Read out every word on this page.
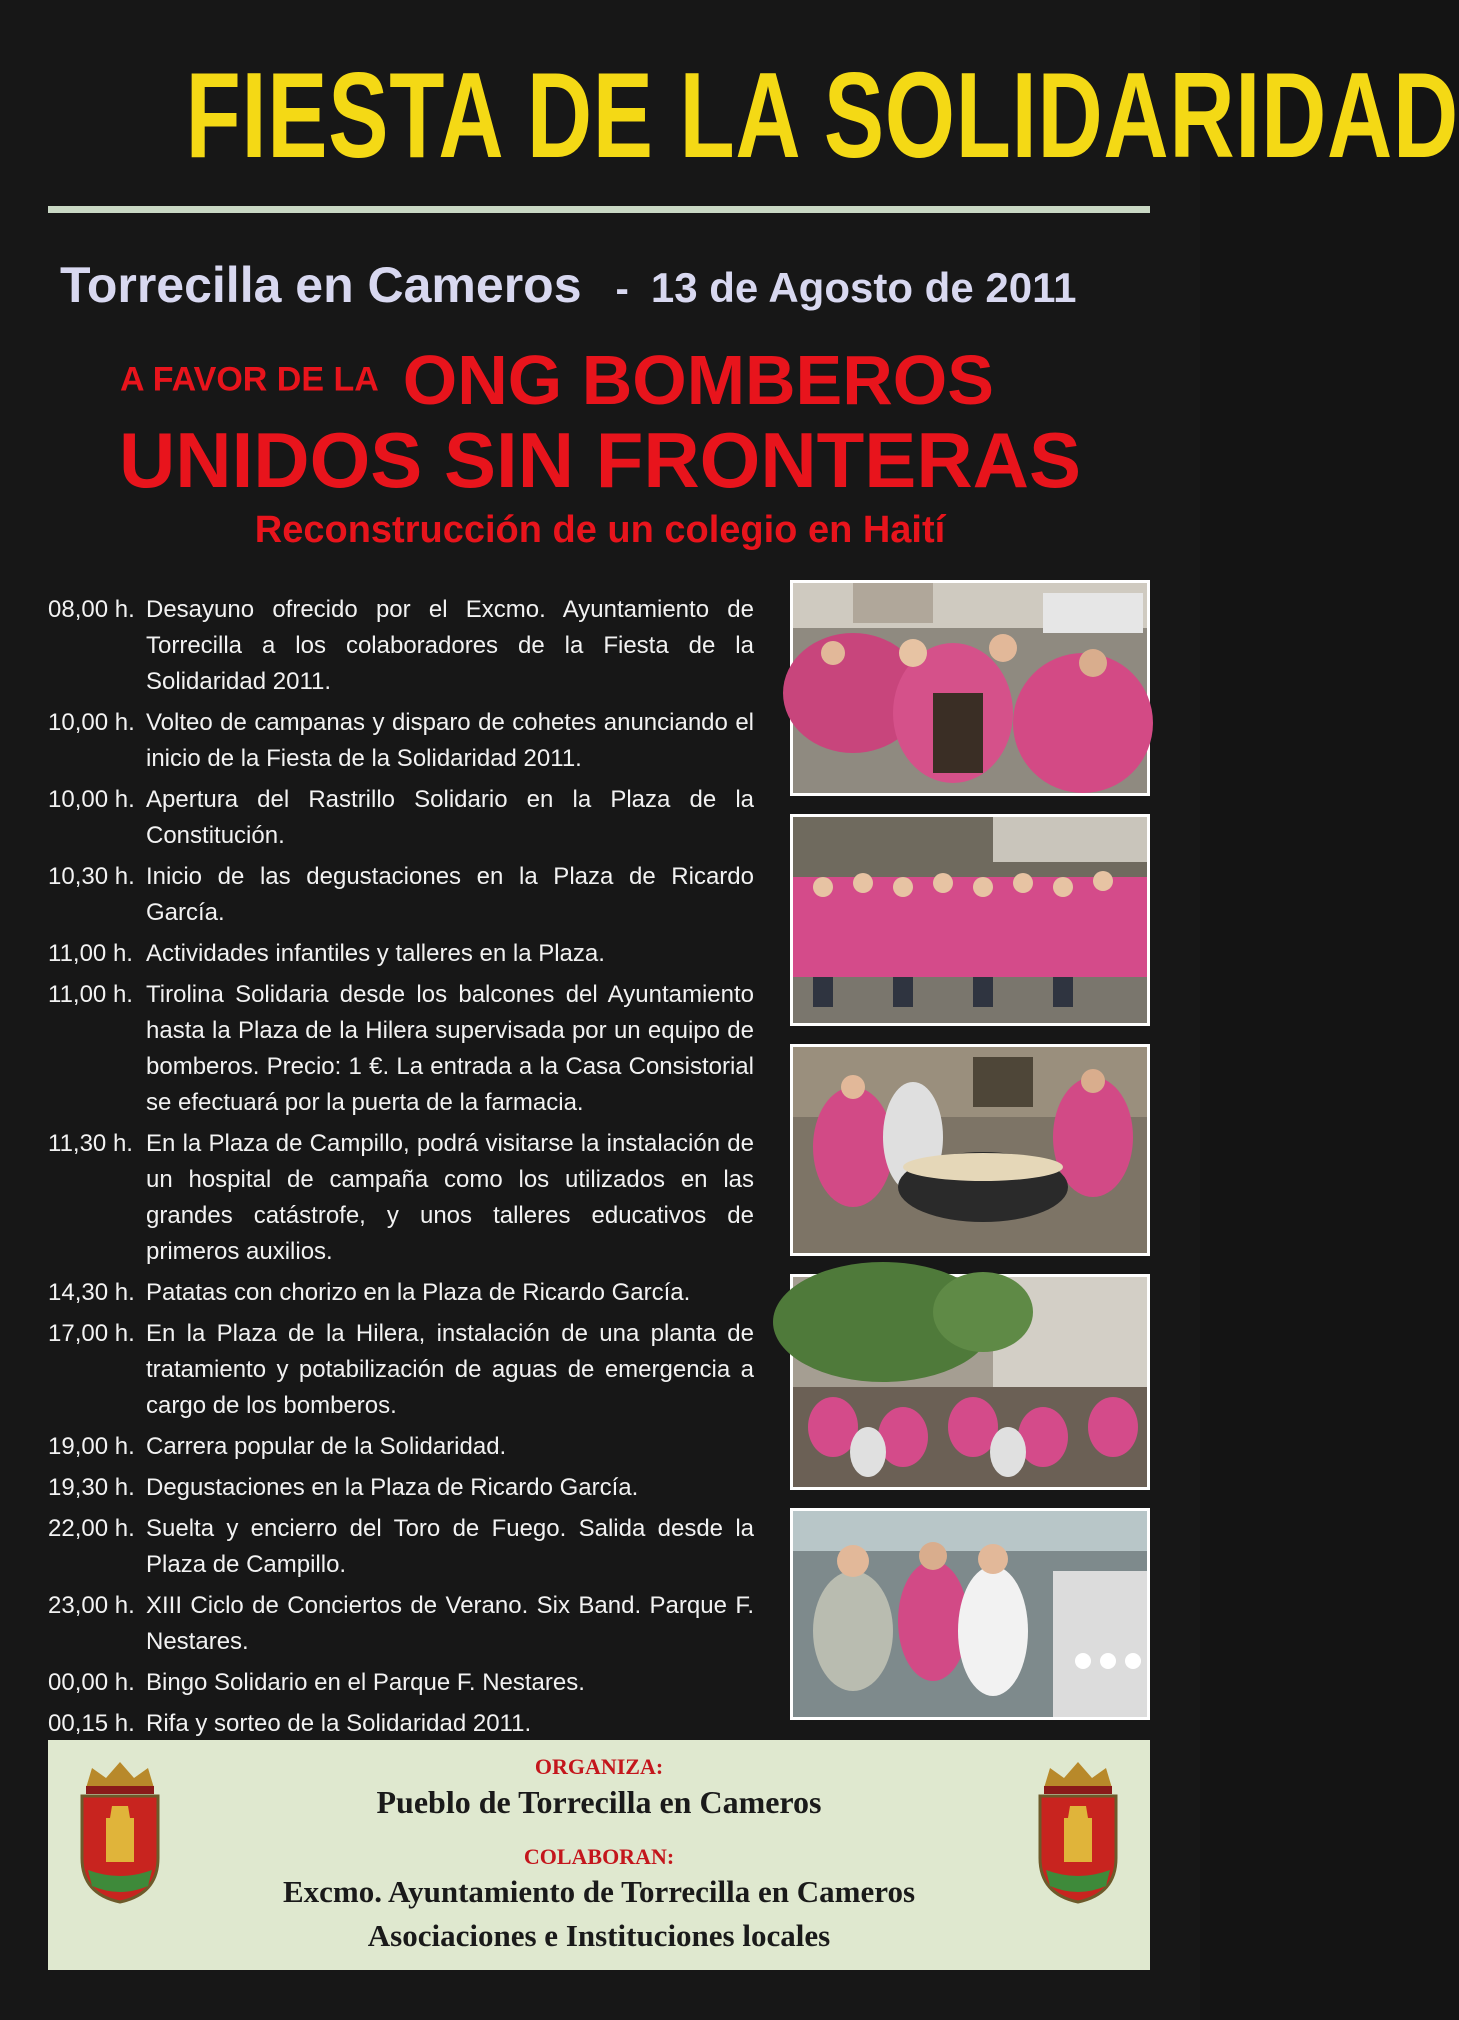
FIESTA DE LA SOLIDARIDAD
Torrecilla en Cameros - 13 de Agosto de 2011
A FAVOR DE LA ONG BOMBEROS
UNIDOS SIN FRONTERAS
Reconstrucción de un colegio en Haití
08,00 h. Desayuno ofrecido por el Excmo. Ayuntamiento de Torrecilla a los colaboradores de la Fiesta de la Solidaridad 2011.
10,00 h. Volteo de campanas y disparo de cohetes anunciando el inicio de la Fiesta de la Solidaridad 2011.
10,00 h. Apertura del Rastrillo Solidario en la Plaza de la Constitución.
10,30 h. Inicio de las degustaciones en la Plaza de Ricardo García.
11,00 h. Actividades infantiles y talleres en la Plaza.
11,00 h. Tirolina Solidaria desde los balcones del Ayuntamiento hasta la Plaza de la Hilera supervisada por un equipo de bomberos. Precio: 1 €. La entrada a la Casa Consistorial se efectuará por la puerta de la farmacia.
11,30 h. En la Plaza de Campillo, podrá visitarse la instalación de un hospital de campaña como los utilizados en las grandes catástrofe, y unos talleres educativos de primeros auxilios.
14,30 h. Patatas con chorizo en la Plaza de Ricardo García.
17,00 h. En la Plaza de la Hilera, instalación de una planta de tratamiento y potabilización de aguas de emergencia a cargo de los bomberos.
19,00 h. Carrera popular de la Solidaridad.
19,30 h. Degustaciones en la Plaza de Ricardo García.
22,00 h. Suelta y encierro del Toro de Fuego. Salida desde la Plaza de Campillo.
23,00 h. XIII Ciclo de Conciertos de Verano. Six Band. Parque F. Nestares.
00,00 h. Bingo Solidario en el Parque F. Nestares.
00,15 h. Rifa y sorteo de la Solidaridad 2011.
ORGANIZA:
Pueblo de Torrecilla en Cameros
COLABORAN:
Excmo. Ayuntamiento de Torrecilla en Cameros
Asociaciones e Instituciones locales
